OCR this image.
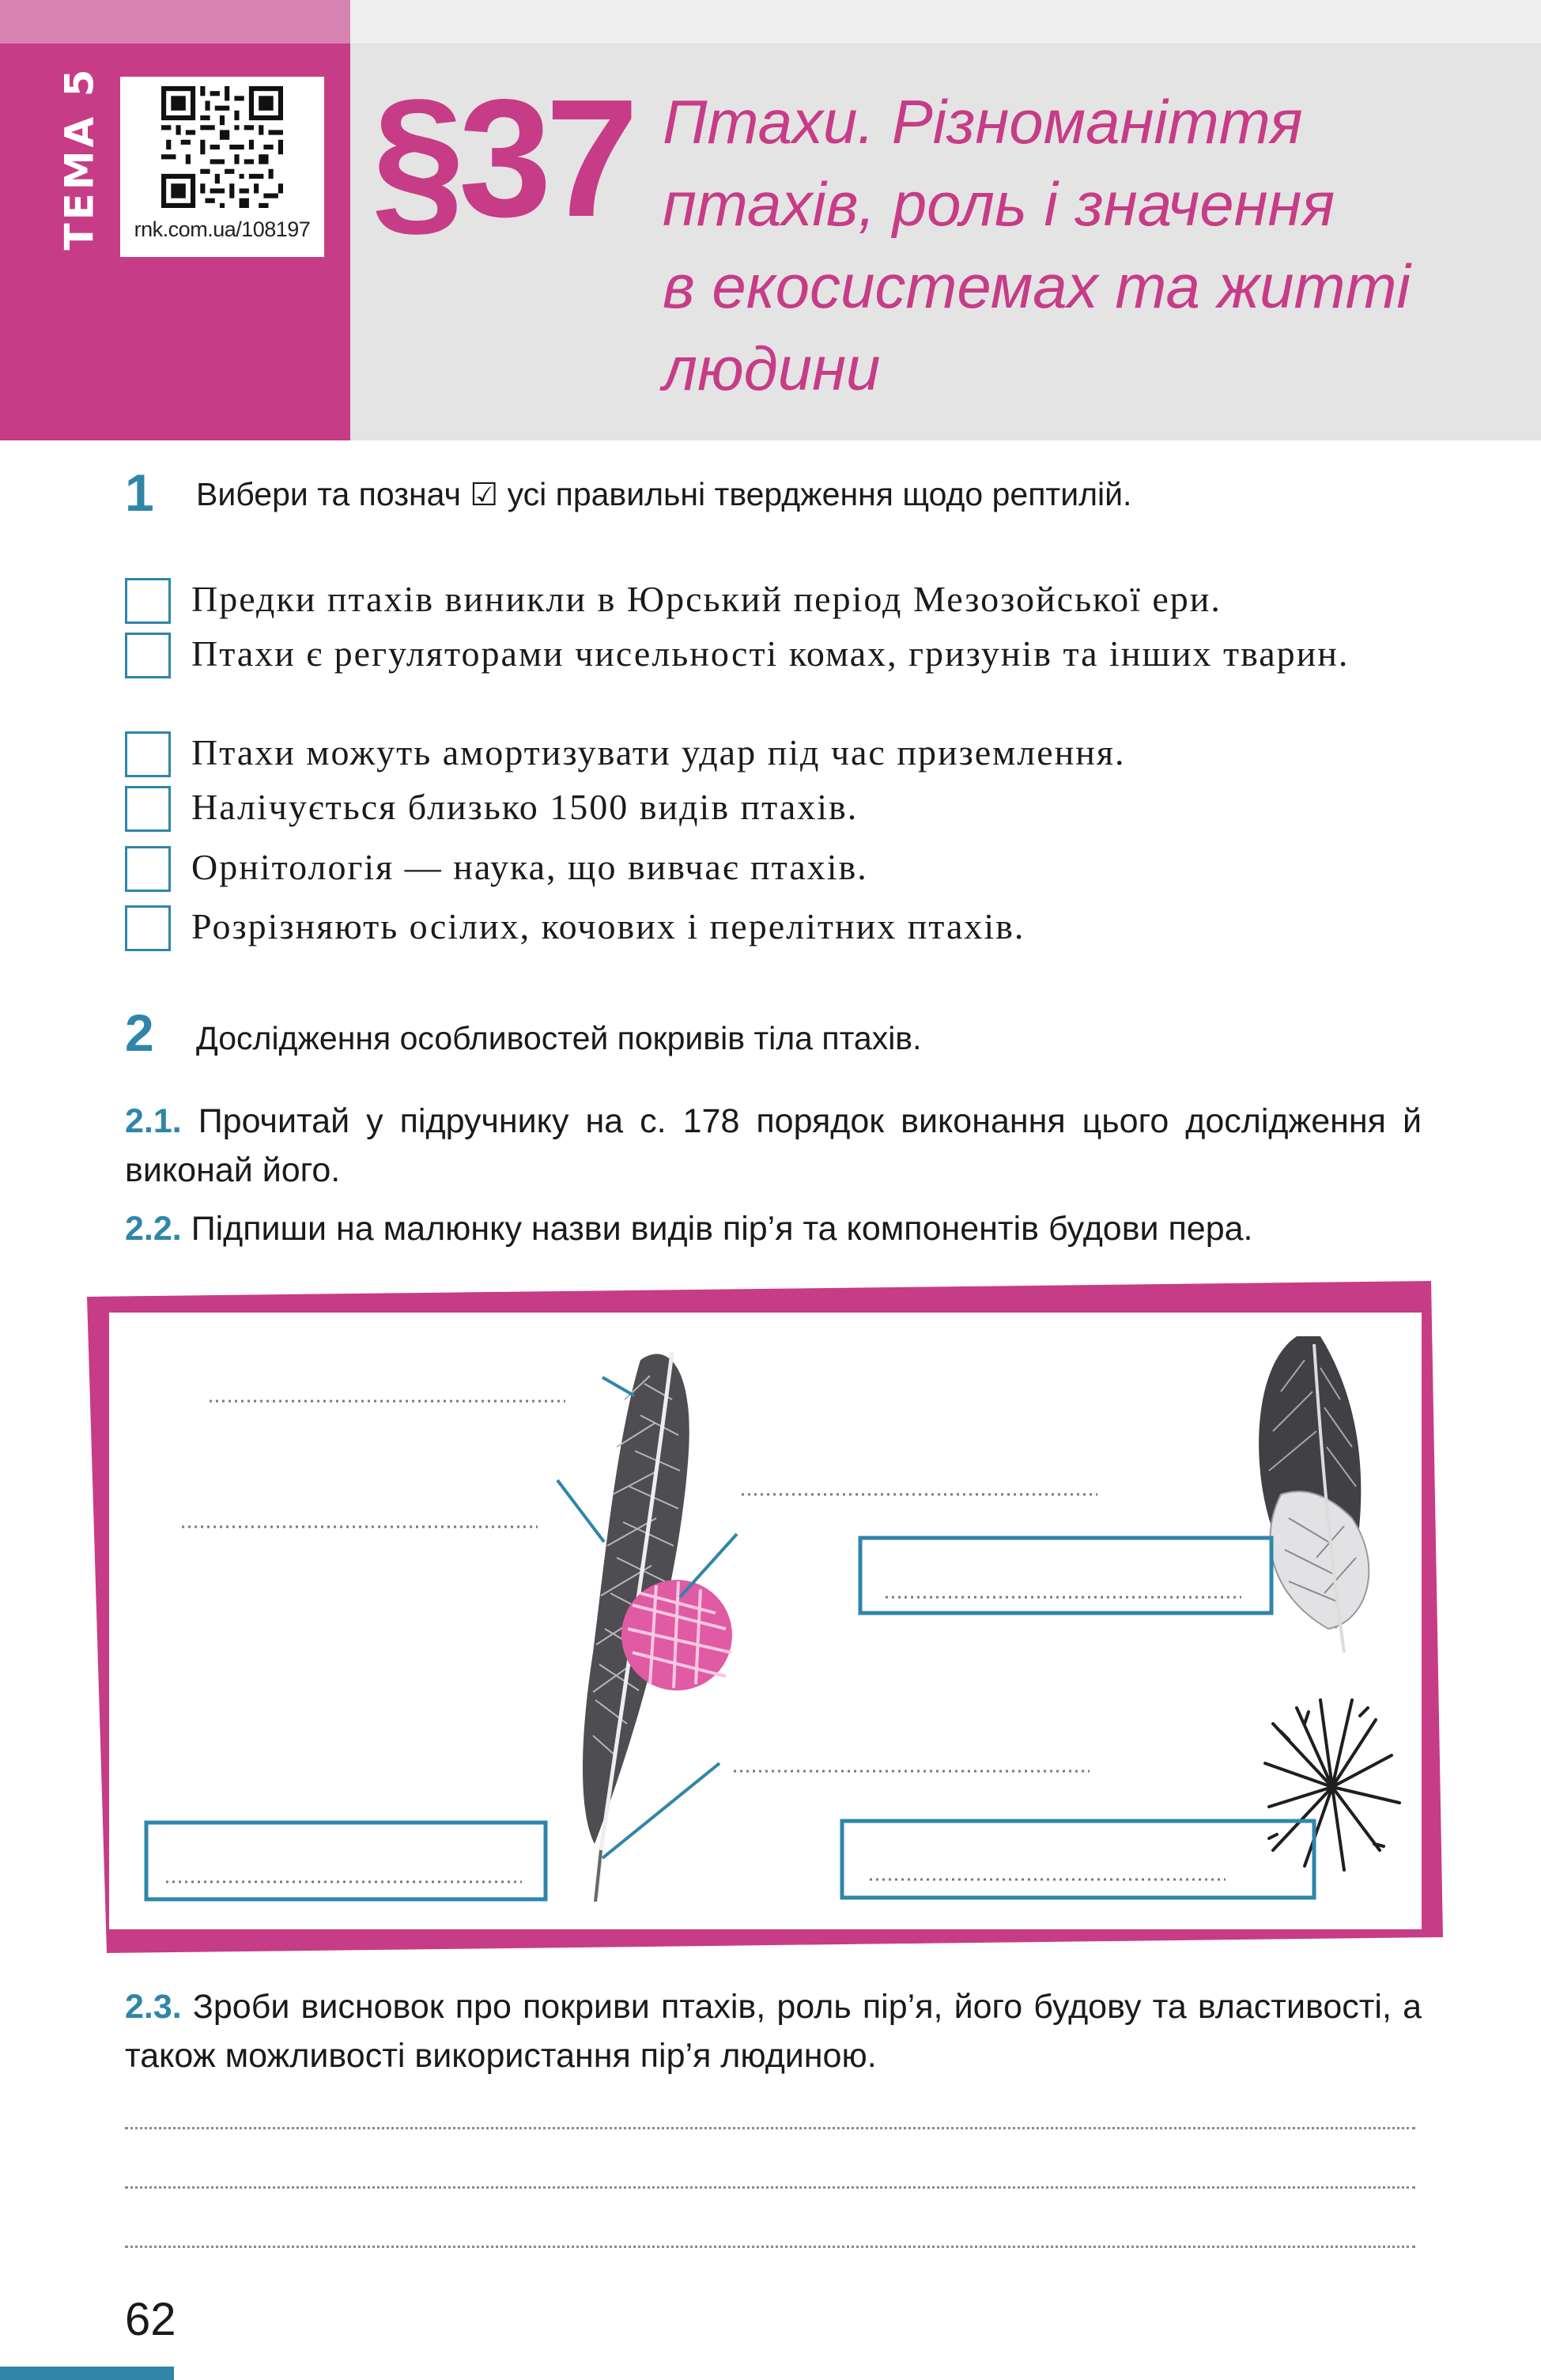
ТЕМА 5	rnk.com.ua/108197 §37 Птахи. Різноманіття
птахів, роль і значення
в екосистемах та житті
людини
1 Вибери та познач ☑ усі правильні твердження щодо рептилій.
Предки птахів виникли в Юрський період Мезозойської ери.
Птахи є регуляторами чисельності комах, гризунів та інших тварин.
Птахи можуть амортизувати удар під час приземлення.
Налічується близько 1500 видів птахів.
Орнітологія — наука, що вивчає птахів.
Розрізняють осілих, кочових і перелітних птахів.
2 Дослідження особливостей покривів тіла птахів.
2.1. Прочитай у підручнику на с. 178 порядок виконання цього дослідження й виконай його.
2.2. Підпиши на малюнку назви видів пір’я та компонентів будови пера.
2.3. Зроби висновок про покриви птахів, роль пір’я, його будову та властивості, а також можливості використання пір’я людиною.
62
